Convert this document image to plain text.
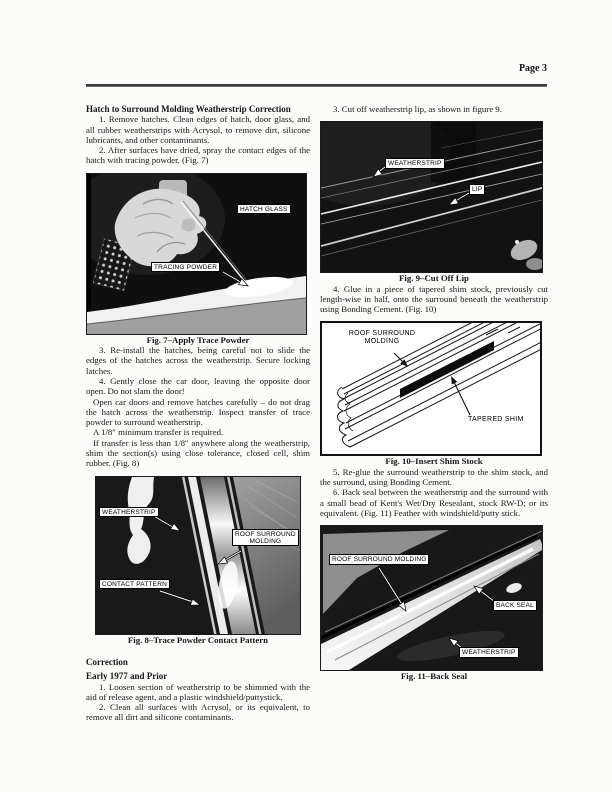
Page 3
Hatch to Surround Molding Weatherstrip Correction

1. Remove hatches. Clean edges of hatch, door glass, and all rubber weatherstrips with Acrysol, to remove dirt, silicone lubricants, and other contaminants.

2. After surfaces have dried, spray the contact edges of the hatch with tracing powder. (Fig. 7)

HATCH GLASS
TRACING POWDER

Fig. 7–Apply Trace Powder

3. Re-install the hatches, being careful not to slide the edges of the hatches across the weatherstrip. Secure locking latches.

4. Gently close the car door, leaving the opposite door open. Do not slam the door!

Open car doors and remove hatches carefully – do not drag the hatch across the weatherstrip. Inspect transfer of trace powder to surround weatherstrip.

A 1/8″ minimum transfer is required.

If transfer is less than 1/8″ anywhere along the weatherstrip, shim the section(s) using close tolerance, closed cell, shim rubber. (Fig. 8)

WEATHERSTRIP
ROOF SURROUND
MOLDING
CONTACT PATTERN

Fig. 8–Trace Powder Contact Pattern

Correction
Early 1977 and Prior

1. Loosen section of weatherstrip to be shimmed with the aid of release agent, and a plastic windshield/puttystick.

2. Clean all surfaces with Acrysol, or its equivalent, to remove all dirt and silicone contaminants.

3. Cut off weatherstrip lip, as shown in figure 9.

WEATHERSTRIP
LIP

Fig. 9–Cut Off Lip

4. Glue in a piece of tapered shim stock, previously cut length-wise in half, onto the surround beneath the weatherstrip using Bonding Cement. (Fig. 10)

ROOF SURROUND
MOLDING
TAPERED SHIM

Fig. 10–Insert Shim Stock

5. Re-glue the surround weatherstrip to the shim stock, and the surround, using Bonding Cement.

6. Back seal between the weatherstrip and the surround with a small bead of Kent's Wet/Dry Resealant, stock RW-D; or its equivalent. (Fig. 11) Feather with windshield/putty stick.

ROOF SURROUND MOLDING
BACK SEAL
WEATHERSTRIP

Fig. 11–Back Seal
